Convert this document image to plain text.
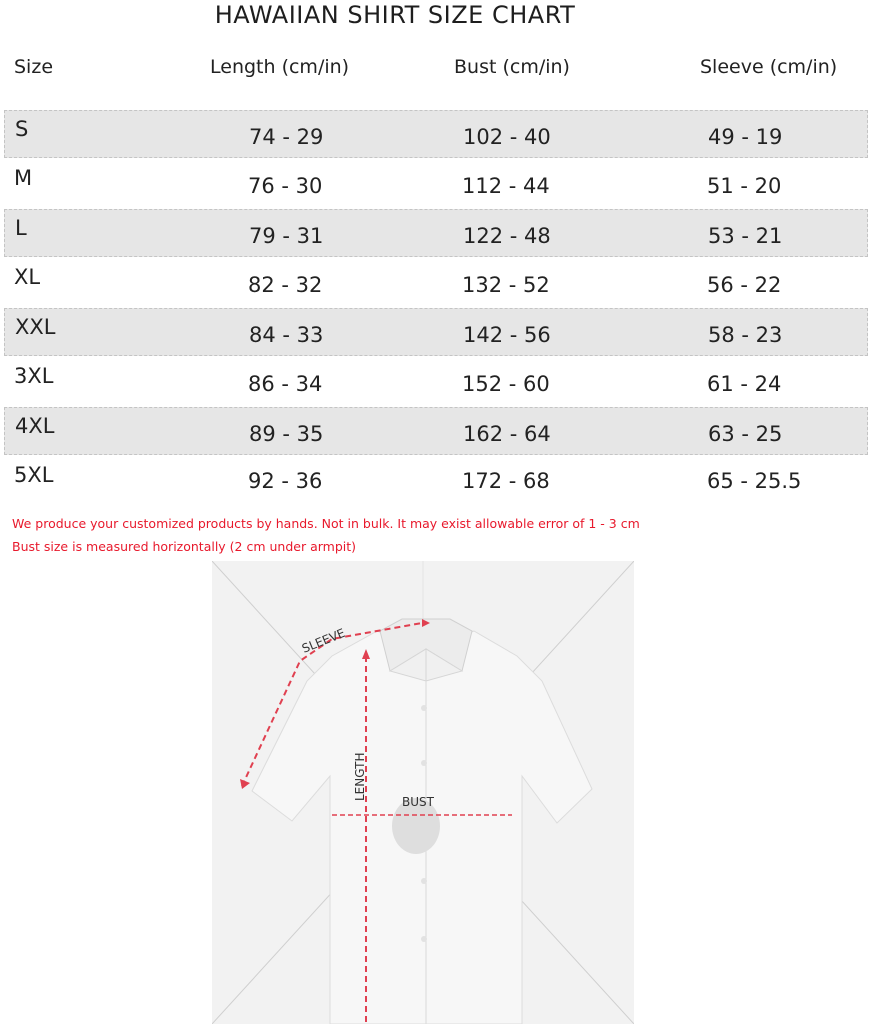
HAWAIIAN SHIRT SIZE CHART
Size	Length (cm/in)	Bust (cm/in)	Sleeve (cm/in)
S	74 - 29	102 - 40	49 - 19
M	76 - 30	112 - 44	51 - 20
L	79 - 31	122 - 48	53 - 21
XL	82 - 32	132 - 52	56 - 22
XXL	84 - 33	142 - 56	58 - 23
3XL	86 - 34	152 - 60	61 - 24
4XL	89 - 35	162 - 64	63 - 25
5XL	92 - 36	172 - 68	65 - 25.5
We produce your customized products by hands. Not in bulk. It may exist allowable error of 1 - 3 cm
Bust size is measured horizontally (2 cm under armpit)
SLEEVE
LENGTH
BUST
